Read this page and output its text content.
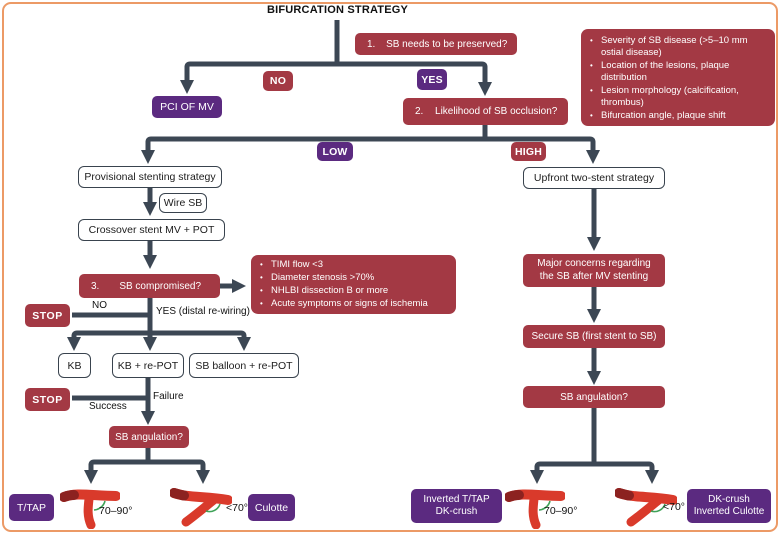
BIFURCATION STRATEGY
1. SB needs to be preserved?
NO	YES
PCI OF MV	2. Likelihood of SB occlusion?
• Severity of SB disease (>5–10 mm ostial disease)
• Location of the lesions, plaque distribution
• Lesion morphology (calcification, thrombus)
• Bifurcation angle, plaque shift
LOW	HIGH
Provisional stenting strategy
Wire SB
Crossover stent MV + POT
3.	SB compromised?
• TIMI flow <3
• Diameter stenosis >70%
• NHLBI dissection B or more
• Acute symptoms or signs of ischemia
STOP
NO
YES (distal re-wiring)
KB	KB + re-POT	SB balloon + re-POT
STOP
Success
Failure
SB angulation?
T/TAP	70–90°	<70° Culotte
Upfront two-stent strategy
Major concerns regarding the SB after MV stenting
Secure SB (first stent to SB)
SB angulation?
Inverted T/TAP
DK-crush	70–90°	<70°
DK-crush
Inverted Culotte
